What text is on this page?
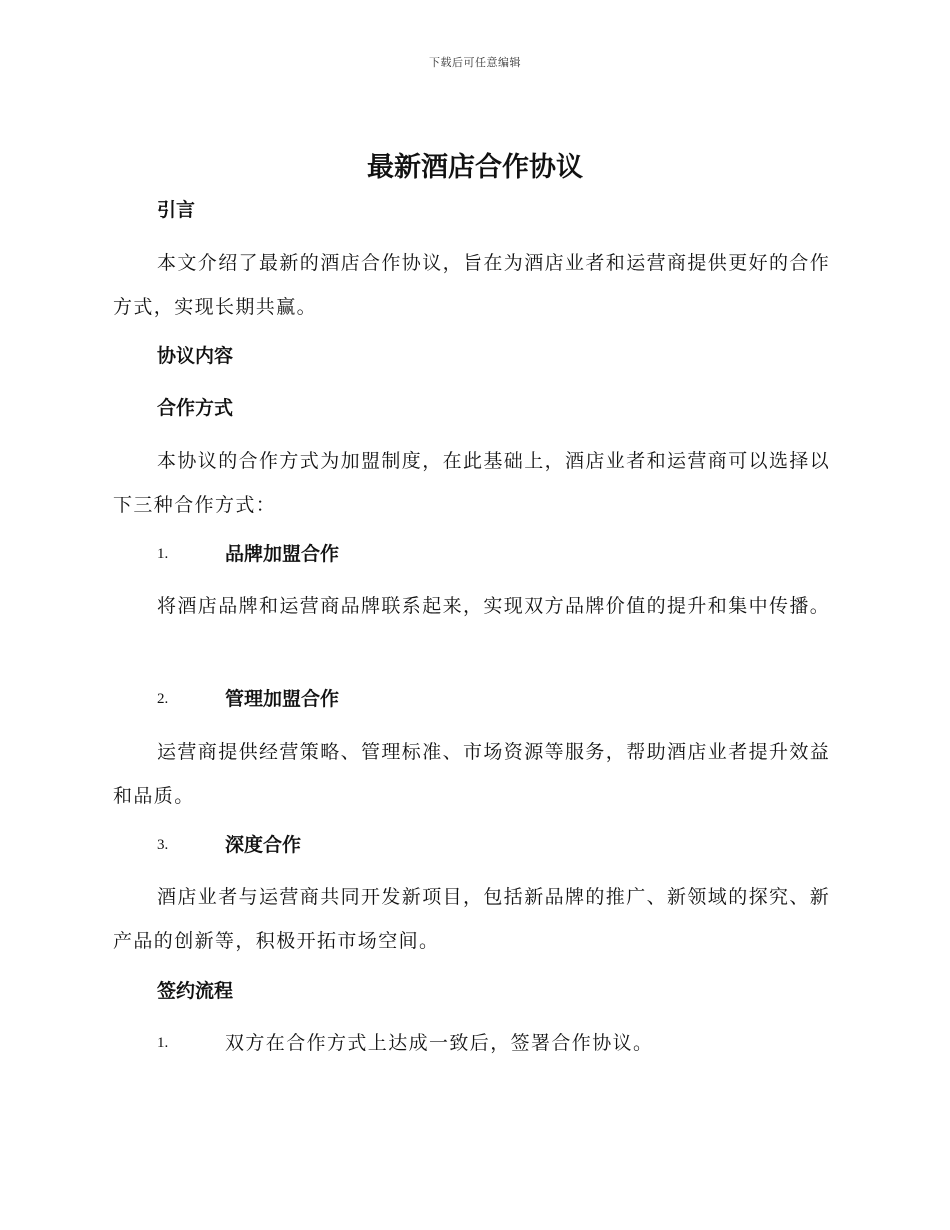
下载后可任意编辑
最新酒店合作协议
引言

本文介绍了最新的酒店合作协议，旨在为酒店业者和运营商提供更好的合作方式，实现长期共赢。

协议内容
合作方式

本协议的合作方式为加盟制度，在此基础上，酒店业者和运营商可以选择以下三种合作方式：

1.	品牌加盟合作

将酒店品牌和运营商品牌联系起来，实现双方品牌价值的提升和集中传播。

2.	管理加盟合作

运营商提供经营策略、管理标准、市场资源等服务，帮助酒店业者提升效益和品质。

3.	深度合作

酒店业者与运营商共同开发新项目，包括新品牌的推广、新领域的探究、新产品的创新等，积极开拓市场空间。

签约流程
1.	双方在合作方式上达成一致后，签署合作协议。
